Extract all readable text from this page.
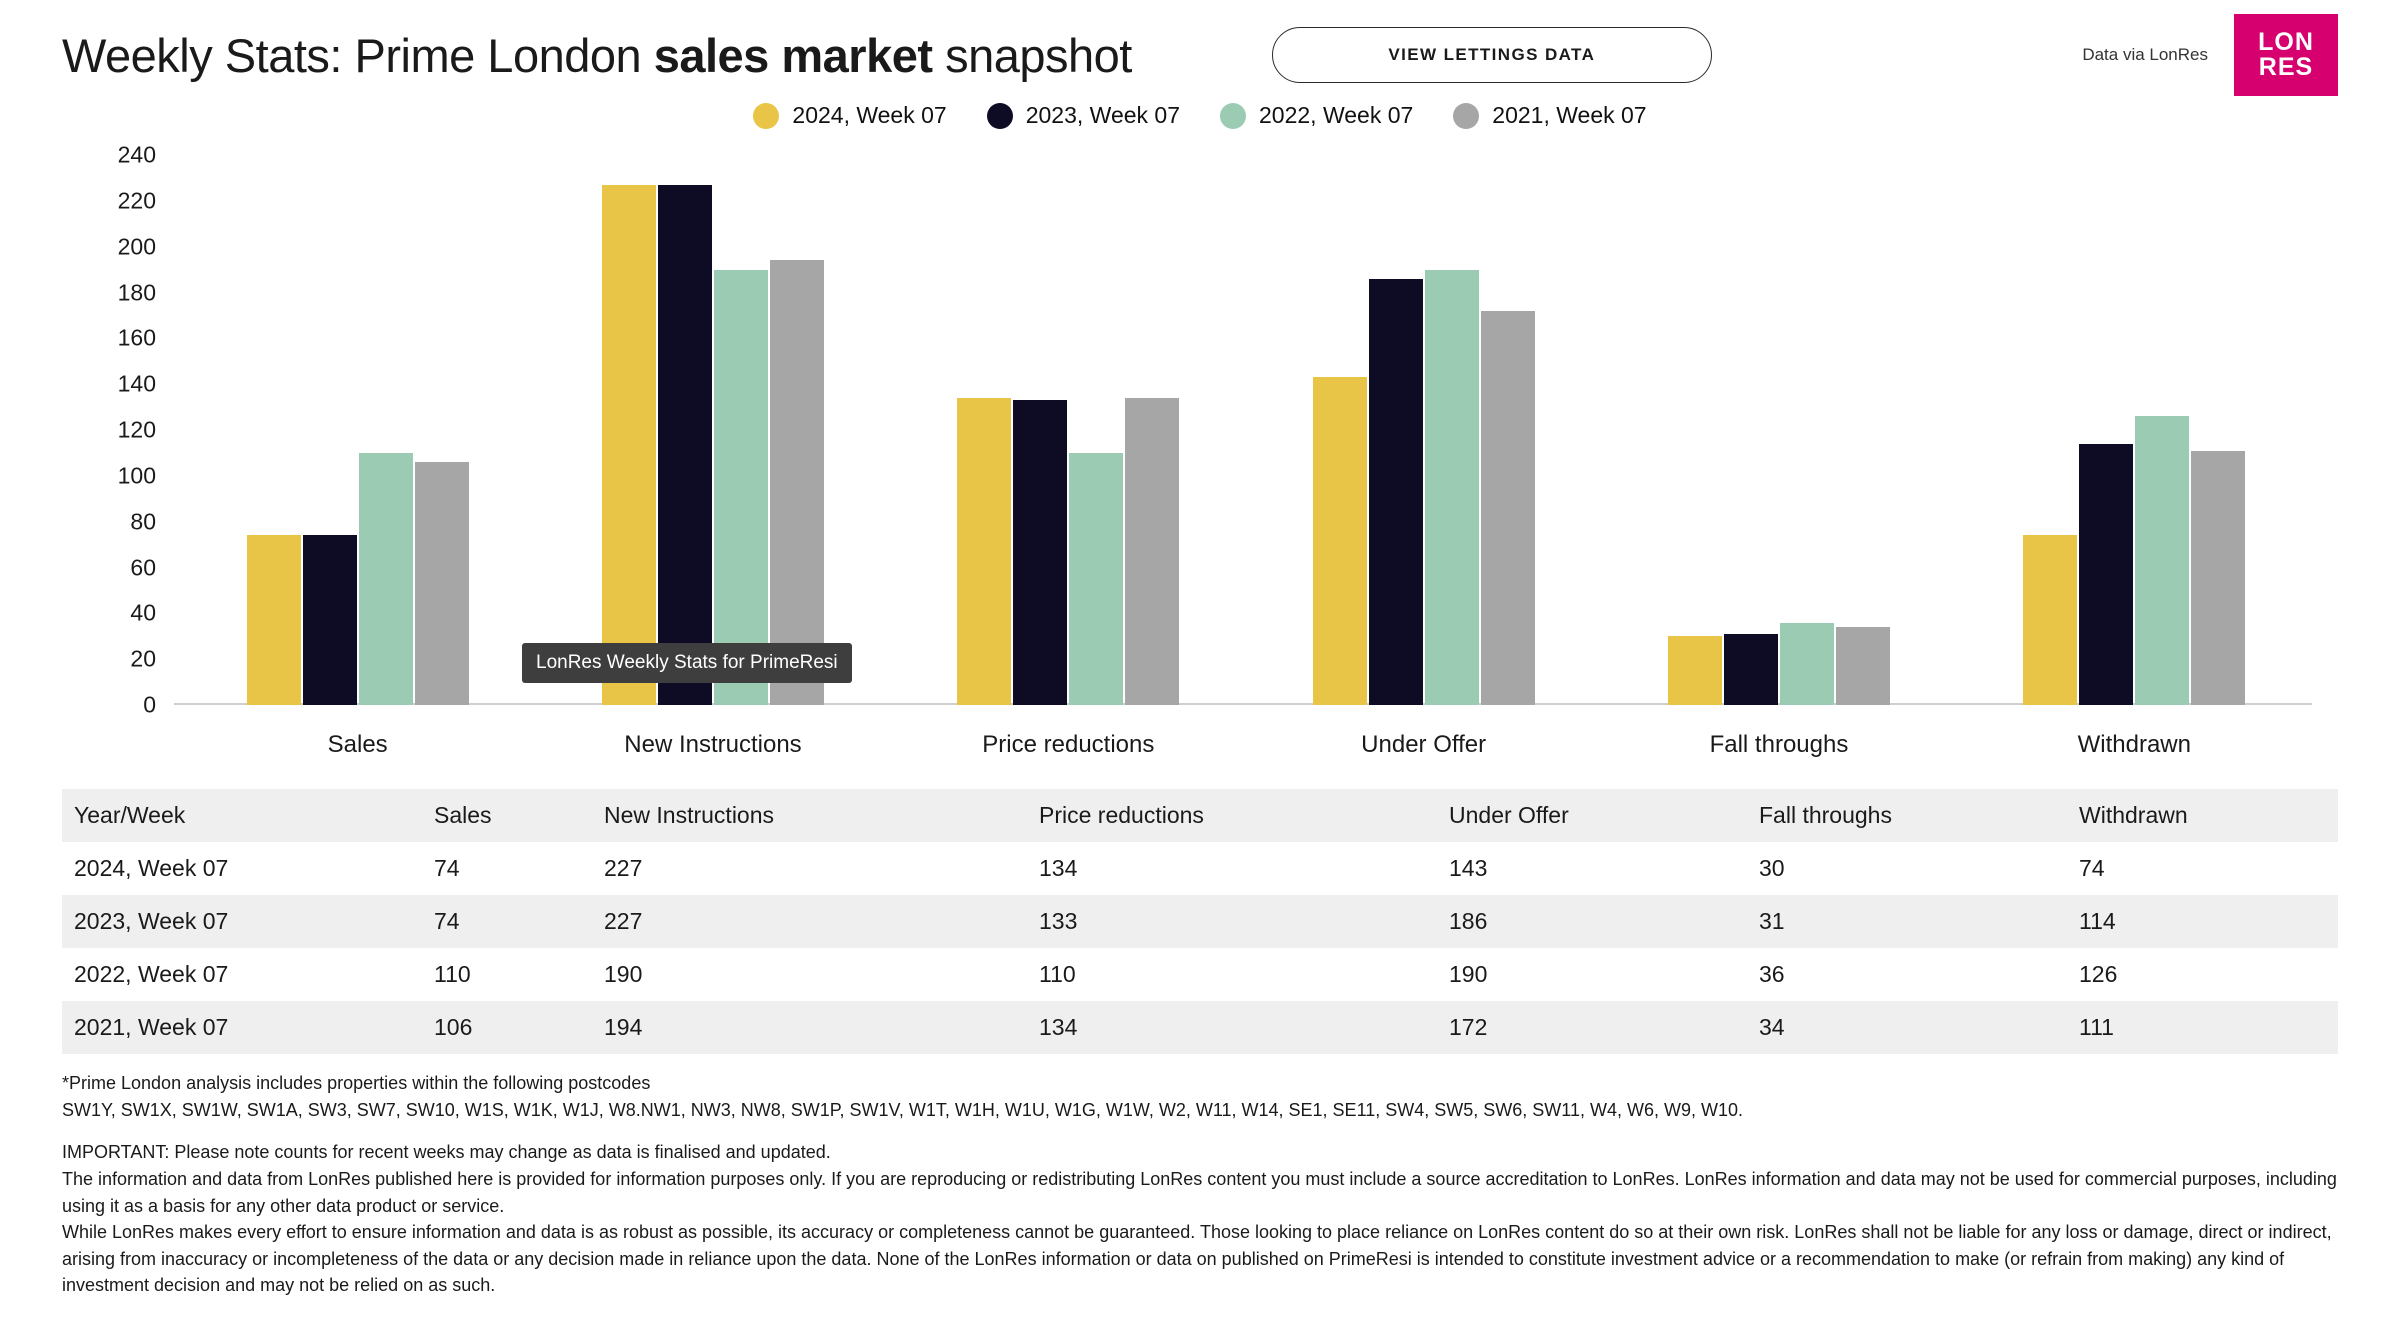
Weekly Stats: Prime London sales market snapshot	VIEW LETTINGS DATA	Data via LonRes LON
RES
2024, Week 07	2023, Week 07	2022, Week 07	2021, Week 07
0
20
40
60
80
100
120
140
160
180
200
220
240
Sales	New Instructions	Price reductions	Under Offer	Fall throughs	Withdrawn
LonRes Weekly Stats for PrimeResi
Year/Week	Sales	New Instructions	Price reductions	Under Offer	Fall throughs	Withdrawn
2024, Week 07	74	227	134	143	30	74
2023, Week 07	74	227	133	186	31	114
2022, Week 07	110	190	110	190	36	126
2021, Week 07	106	194	134	172	34	111

*Prime London analysis includes properties within the following postcodes

SW1Y, SW1X, SW1W, SW1A, SW3, SW7, SW10, W1S, W1K, W1J, W8.NW1, NW3, NW8, SW1P, SW1V, W1T, W1H, W1U, W1G, W1W, W2, W11, W14, SE1, SE11, SW4, SW5, SW6, SW11, W4, W6, W9, W10.

IMPORTANT: Please note counts for recent weeks may change as data is finalised and updated.

The information and data from LonRes published here is provided for information purposes only. If you are reproducing or redistributing LonRes content you must include a source accreditation to LonRes. LonRes information and data may not be used for commercial purposes, including using it as a basis for any other data product or service.

While LonRes makes every effort to ensure information and data is as robust as possible, its accuracy or completeness cannot be guaranteed. Those looking to place reliance on LonRes content do so at their own risk. LonRes shall not be liable for any loss or damage, direct or indirect, arising from inaccuracy or incompleteness of the data or any decision made in reliance upon the data. None of the LonRes information or data on published on PrimeResi is intended to constitute investment advice or a recommendation to make (or refrain from making) any kind of investment decision and may not be relied on as such.
